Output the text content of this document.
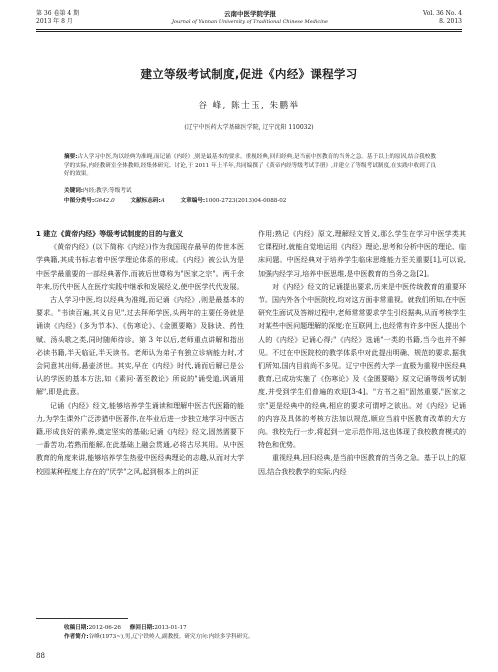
第 36 卷第 4 期
2013 年 8 月
云南中医学院学报
Journal of Yunnan University of Traditional Chinese Medicine
Vol. 36 No. 4
8. 2013
建立等级考试制度,促进《内经》课程学习
谷 峰, 陈士玉, 朱鹏举
(辽宁中医药大学基础医学院, 辽宁沈阳 110032)
摘要:古人学习中医,均以经典为准绳,而记诵《内经》,则是最基本的要求。重视经典,回归经典,是当前中医教育的当务之急。基于以上的原因,结合我校教学的实际,内经教研室全体教师,经集体研究、讨论,于 2011 年上半年,共同编撰了《黄帝内经等级考试手册》,并建立了等级考试制度,在实践中收到了良好的效果。
关键词:内经;教学;等级考试
中图分类号:G642.0	文献标志码:A	文章编号:1000-2723(2013)04-0088-02

1 建立《黄帝内经》等级考试制度的目的与意义

《黄帝内经》(以下简称《内经》)作为我国现存最早的传世本医学典籍,其成书标志着中医学理论体系的形成。《内经》被公认为是中医学最重要的一部经典著作,而被后世尊称为"医家之宗"。两千余年来,历代中医人在医疗实践中继承和发展经义,使中医学代代发展。

古人学习中医,均以经典为准绳,而记诵《内经》,则是最基本的要求。"书读百遍,其义自见",过去拜师学医,头两年的主要任务就是诵读《内经》(多为节本)、《伤寒论》、《金匮要略》及脉诀、药性赋、汤头歌之类,同时随师待诊。第 3 年以后,老师重点讲解和指出必读书籍,半天临证,半天读书。老师认为弟子有独立诊病能力时,才会同意其出师,悬壶济世。其实,早在《内经》时代,诵而后解已是公认的学医的基本方法,如《素问·著至教论》所说的"诵受道,讽诵用解",即是此意。

记诵《内经》经文,能够培养学生诵读和理解中医古代医籍的能力,为学生课外广泛涉猎中医著作,在毕业后进一步独立地学习中医古籍,形成良好的素养,奠定坚实的基础;记诵《内经》经文,固然需要下一番苦功,若熟而能解,在此基础上融会贯通,必将古尽其用。从中医教育的角度来讲,能够培养学生热爱中医经典理论的志趣,从而对大学校园某种程度上存在的"厌学"之风,起到根本上的纠正

作用;熟记《内经》原文,理解经文旨义,那么学生在学习中医学类其它课程时,就能自觉地运用《内经》理论,思考和分析中医的理论、临床问题。中医经典对于培养学生临床思维能力至关重要[1],可以说,加强内经学习,培养中医思维,是中医教育的当务之急[2]。

对《内经》经文的记诵提出要求,历来是中医传统教育的重要环节。国内外各个中医院校,均对这方面非常重视。就我们所知,在中医研究生面试及答辩过程中,老师常常要求学生引经据典,从而考核学生对某些中医问题理解的深度;在互联网上,也经常有许多中医人提出个人的《内经》记诵心得;"《内经》选诵"一类的书籍,当今也并不鲜见。不过在中医院校的教学体系中对此提出明确、规范的要求,据我们所知,国内目前尚不多见。辽宁中医药大学一直极为重视中医经典教育,已成功实施了《伤寒论》及《金匮要略》原文记诵等级考试制度,并受到学生们普遍的欢迎[3-4]。"方书之祖"固然重要,"医家之宗"更是经典中的经典,相应的要求可谓呼之欲出。对《内经》记诵的内容及具体的考核方法加以规范,顺应当前中医教育改革的大方向。我校先行一步,将起到一定示范作用,这也体现了我校教育模式的特色和优势。

重视经典,回归经典,是当前中医教育的当务之急。基于以上的原因,结合我校教学的实际,内经

收稿日期:2012-06-26 修回日期:2013-01-17
作者简介:谷峰(1973~),男,辽宁铁岭人,副教授。研究方向:内经多学科研究。
88
